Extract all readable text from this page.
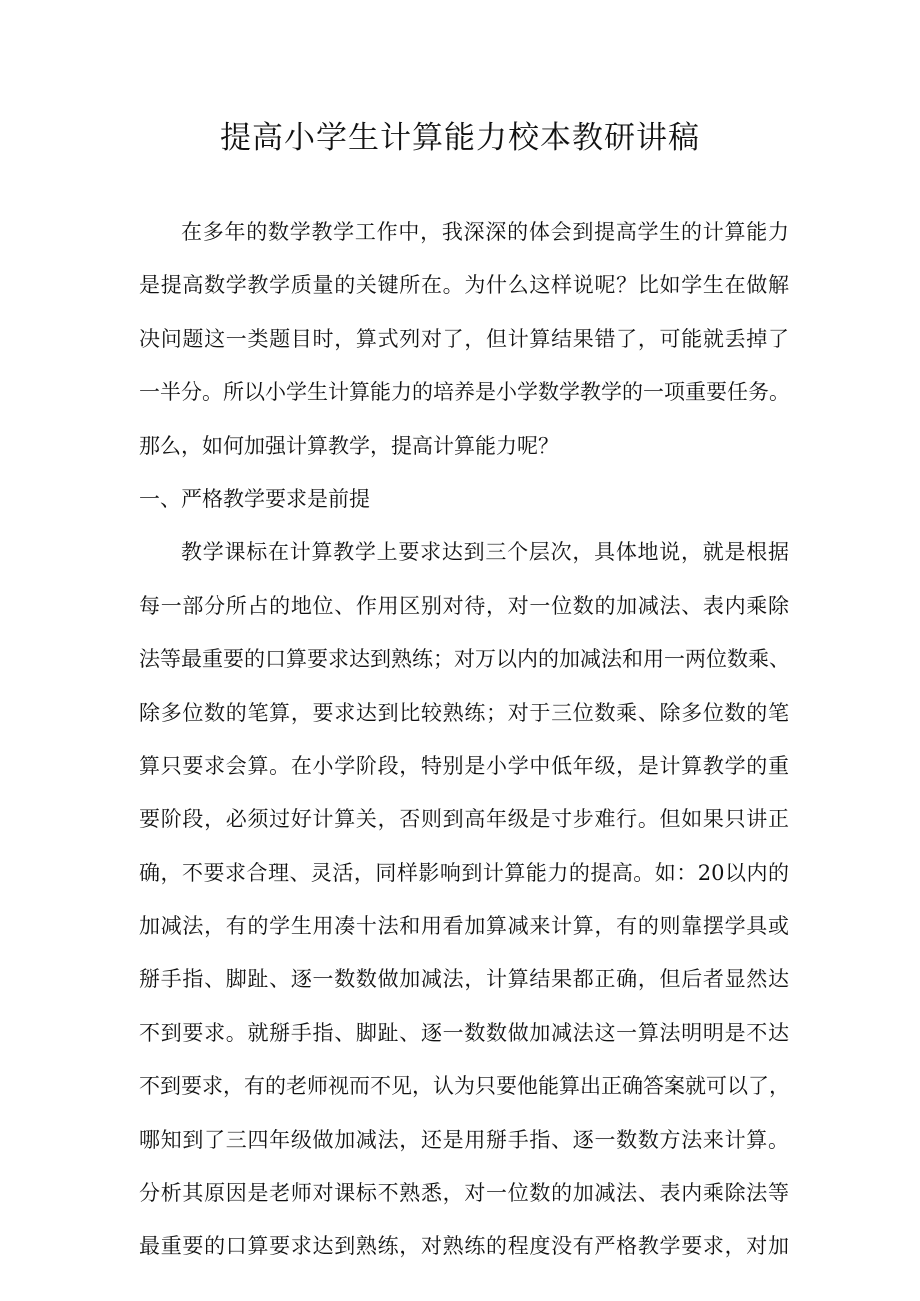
提高小学生计算能力校本教研讲稿
在多年的数学教学工作中，我深深的体会到提高学生的计算能力
是提高数学教学质量的关键所在。为什么这样说呢？比如学生在做解
决问题这一类题目时，算式列对了，但计算结果错了，可能就丢掉了
一半分。所以小学生计算能力的培养是小学数学教学的一项重要任务。
那么，如何加强计算教学，提高计算能力呢？
一、严格教学要求是前提
教学课标在计算教学上要求达到三个层次，具体地说，就是根据
每一部分所占的地位、作用区别对待，对一位数的加减法、表内乘除
法等最重要的口算要求达到熟练；对万以内的加减法和用一两位数乘、
除多位数的笔算，要求达到比较熟练；对于三位数乘、除多位数的笔
算只要求会算。在小学阶段，特别是小学中低年级，是计算教学的重
要阶段，必须过好计算关，否则到高年级是寸步难行。但如果只讲正
确，不要求合理、灵活，同样影响到计算能力的提高。如：20以内的
加减法，有的学生用凑十法和用看加算减来计算，有的则靠摆学具或
掰手指、脚趾、逐一数数做加减法，计算结果都正确，但后者显然达
不到要求。就掰手指、脚趾、逐一数数做加减法这一算法明明是不达
不到要求，有的老师视而不见，认为只要他能算出正确答案就可以了，
哪知到了三四年级做加减法，还是用掰手指、逐一数数方法来计算。
分析其原因是老师对课标不熟悉，对一位数的加减法、表内乘除法等
最重要的口算要求达到熟练，对熟练的程度没有严格教学要求，对加
